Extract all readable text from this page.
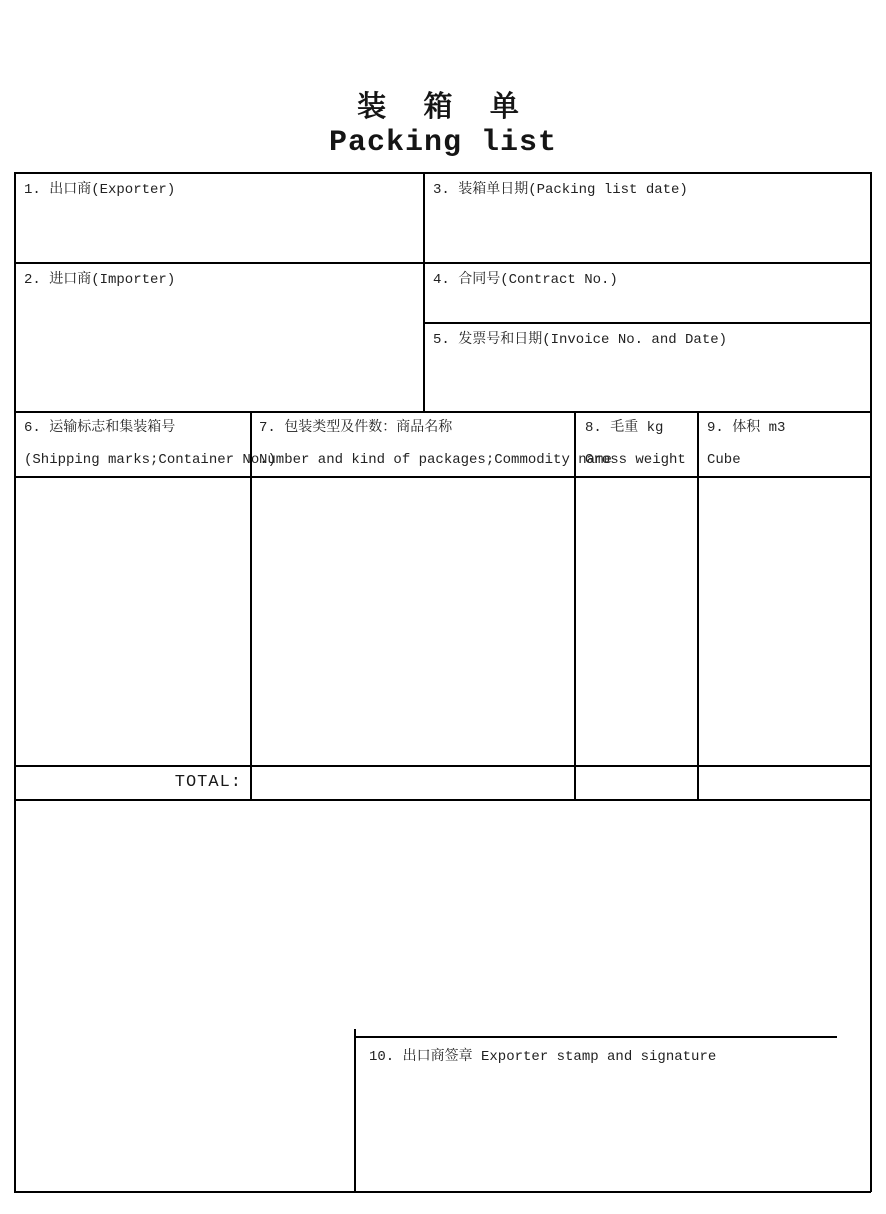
装 箱 单
Packing list
1. 出口商(Exporter)	3. 装箱单日期(Packing list date)
2. 进口商(Importer)	4. 合同号(Contract No.)
5. 发票号和日期(Invoice No. and Date)
6. 运输标志和集装箱号
(Shipping marks;Container No.)
7. 包装类型及件数：商品名称
Number and kind of packages;Commodity name
8. 毛重 kg
Gross weight
9. 体积 m3
Cube
TOTAL:
10. 出口商签章 Exporter stamp and signature
